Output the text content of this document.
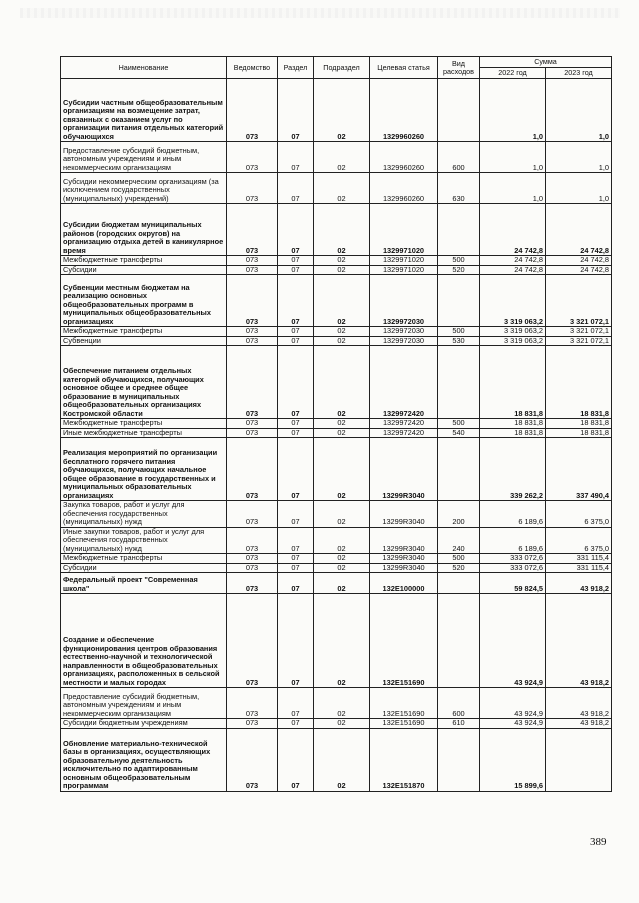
Наименование	Ведомство	Раздел	Подраздел	Целевая статья	Вид расходов	Сумма	
						2022 год	2023 год
Субсидии частным общеобразовательным организациям на возмещение затрат, связанных с оказанием услуг по организации питания отдельных категорий обучающихся	073	07	02	1329960260		1,0	1,0
Предоставление субсидий бюджетным, автономным учреждениям и иным некоммерческим организациям	073	07	02	1329960260	600	1,0	1,0
Субсидии некоммерческим организациям (за исключением государственных (муниципальных) учреждений)	073	07	02	1329960260	630	1,0	1,0
Субсидии бюджетам муниципальных районов (городских округов) на организацию отдыха детей в каникулярное время	073	07	02	1329971020		24 742,8	24 742,8
Межбюджетные трансферты	073	07	02	1329971020	500	24 742,8	24 742,8
Субсидии	073	07	02	1329971020	520	24 742,8	24 742,8
Субвенции местным бюджетам на реализацию основных общеобразовательных программ в муниципальных общеобразовательных организациях	073	07	02	1329972030		3 319 063,2	3 321 072,1
Межбюджетные трансферты	073	07	02	1329972030	500	3 319 063,2	3 321 072,1
Субвенции	073	07	02	1329972030	530	3 319 063,2	3 321 072,1
Обеспечение питанием отдельных категорий обучающихся, получающих основное общее и среднее общее образование в муниципальных общеобразовательных организациях Костромской области	073	07	02	1329972420		18 831,8	18 831,8
Межбюджетные трансферты	073	07	02	1329972420	500	18 831,8	18 831,8
Иные межбюджетные трансферты	073	07	02	1329972420	540	18 831,8	18 831,8
Реализация мероприятий по организации бесплатного горячего питания обучающихся, получающих начальное общее образование в государственных и муниципальных образовательных организациях	073	07	02	13299R3040		339 262,2	337 490,4
Закупка товаров, работ и услуг для обеспечения государственных (муниципальных) нужд	073	07	02	13299R3040	200	6 189,6	6 375,0
Иные закупки товаров, работ и услуг для обеспечения государственных (муниципальных) нужд	073	07	02	13299R3040	240	6 189,6	6 375,0
Межбюджетные трансферты	073	07	02	13299R3040	500	333 072,6	331 115,4
Субсидии	073	07	02	13299R3040	520	333 072,6	331 115,4
Федеральный проект "Современная школа"	073	07	02	132E100000		59 824,5	43 918,2
Создание и обеспечение функционирования центров образования естественно-научной и технологической направленности в общеобразовательных организациях, расположенных в сельской местности и малых городах	073	07	02	132E151690		43 924,9	43 918,2
Предоставление субсидий бюджетным, автономным учреждениям и иным некоммерческим организациям	073	07	02	132E151690	600	43 924,9	43 918,2
Субсидии бюджетным учреждениям	073	07	02	132E151690	610	43 924,9	43 918,2
Обновление материально-технической базы в организациях, осуществляющих образовательную деятельность исключительно по адаптированным основным общеобразовательным программам	073	07	02	132E151870		15 899,6	
389
